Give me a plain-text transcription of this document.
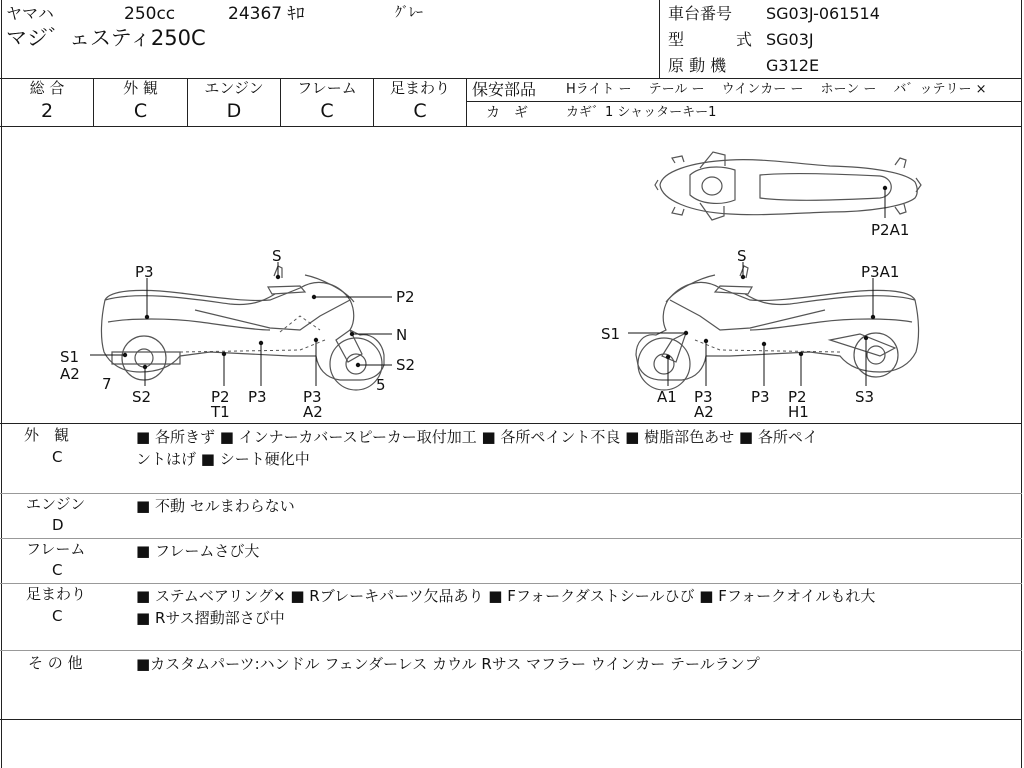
ヤマハ	250cc	24367 ｷﾛ	ｸﾞﾚｰ
マジ゛ェスティ250C
車台番号 SG03J-061514
型	式 SG03J
原 動 機 G312E
総 合
2
外 観
C
エンジン
D
フレーム
C
足まわり
C
保安部品 Hライト ー　 テール ー　 ウインカー ー　 ホーン ー　 バ゛ッテリー ×
カ　ギ	カギ゛1 シャッターキー1
S
P3
P2
N
S2
S1
A2
7
S2	P2
T1
P3 P3
A2
5
S
P3A1
S1
A1 P3
A2
P3 P2
H1
S3
P2A1
外　観
C
■ 各所きず ■ インナーカバースピーカー取付加工 ■ 各所ペイント不良 ■ 樹脂部色あせ ■ 各所ペイ
ントはげ ■ シート硬化中
エンジン
D
■ 不動 セルまわらない
フレーム
C
■ フレームさび大
足まわり
C
■ ステムベアリング× ■ Rブレーキパーツ欠品あり ■ Fフォークダストシールひび ■ Fフォークオイルもれ大
■ Rサス摺動部さび中
そ の 他	■カスタムパーツ:ハンドル フェンダーレス カウル Rサス マフラー ウインカー テールランプ
